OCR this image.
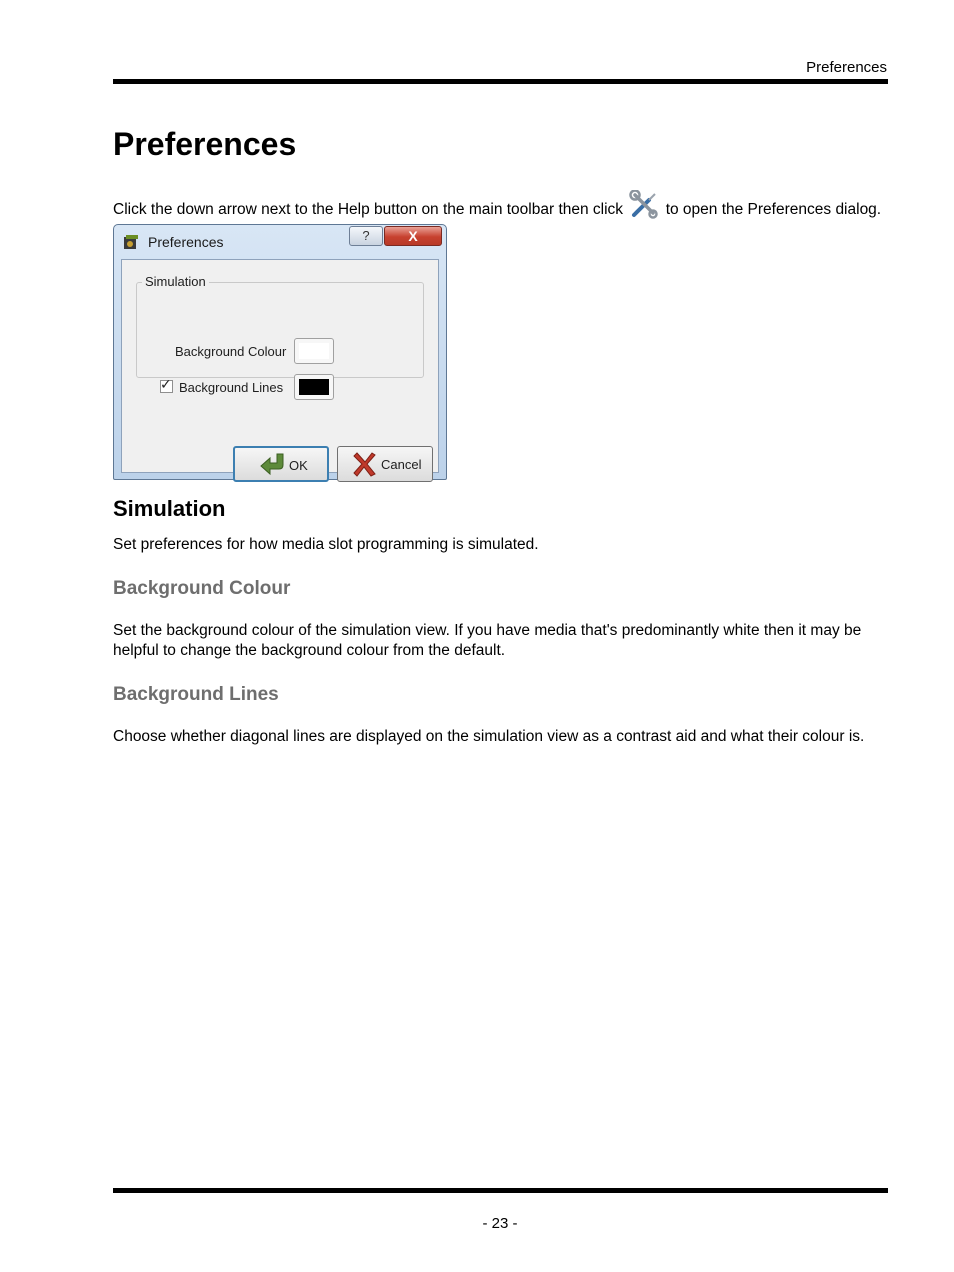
Preferences
Preferences

Click the down arrow next to the Help button on the main toolbar then click	to open the Preferences dialog.

Preferences	?	X
Simulation
Background Colour
✓ Background Lines
OK	Cancel
Simulation

Set preferences for how media slot programming is simulated.

Background Colour

Set the background colour of the simulation view. If you have media that's predominantly white then it may be helpful to change the background colour from the default.

Background Lines

Choose whether diagonal lines are displayed on the simulation view as a contrast aid and what their colour is.

- 23 -
